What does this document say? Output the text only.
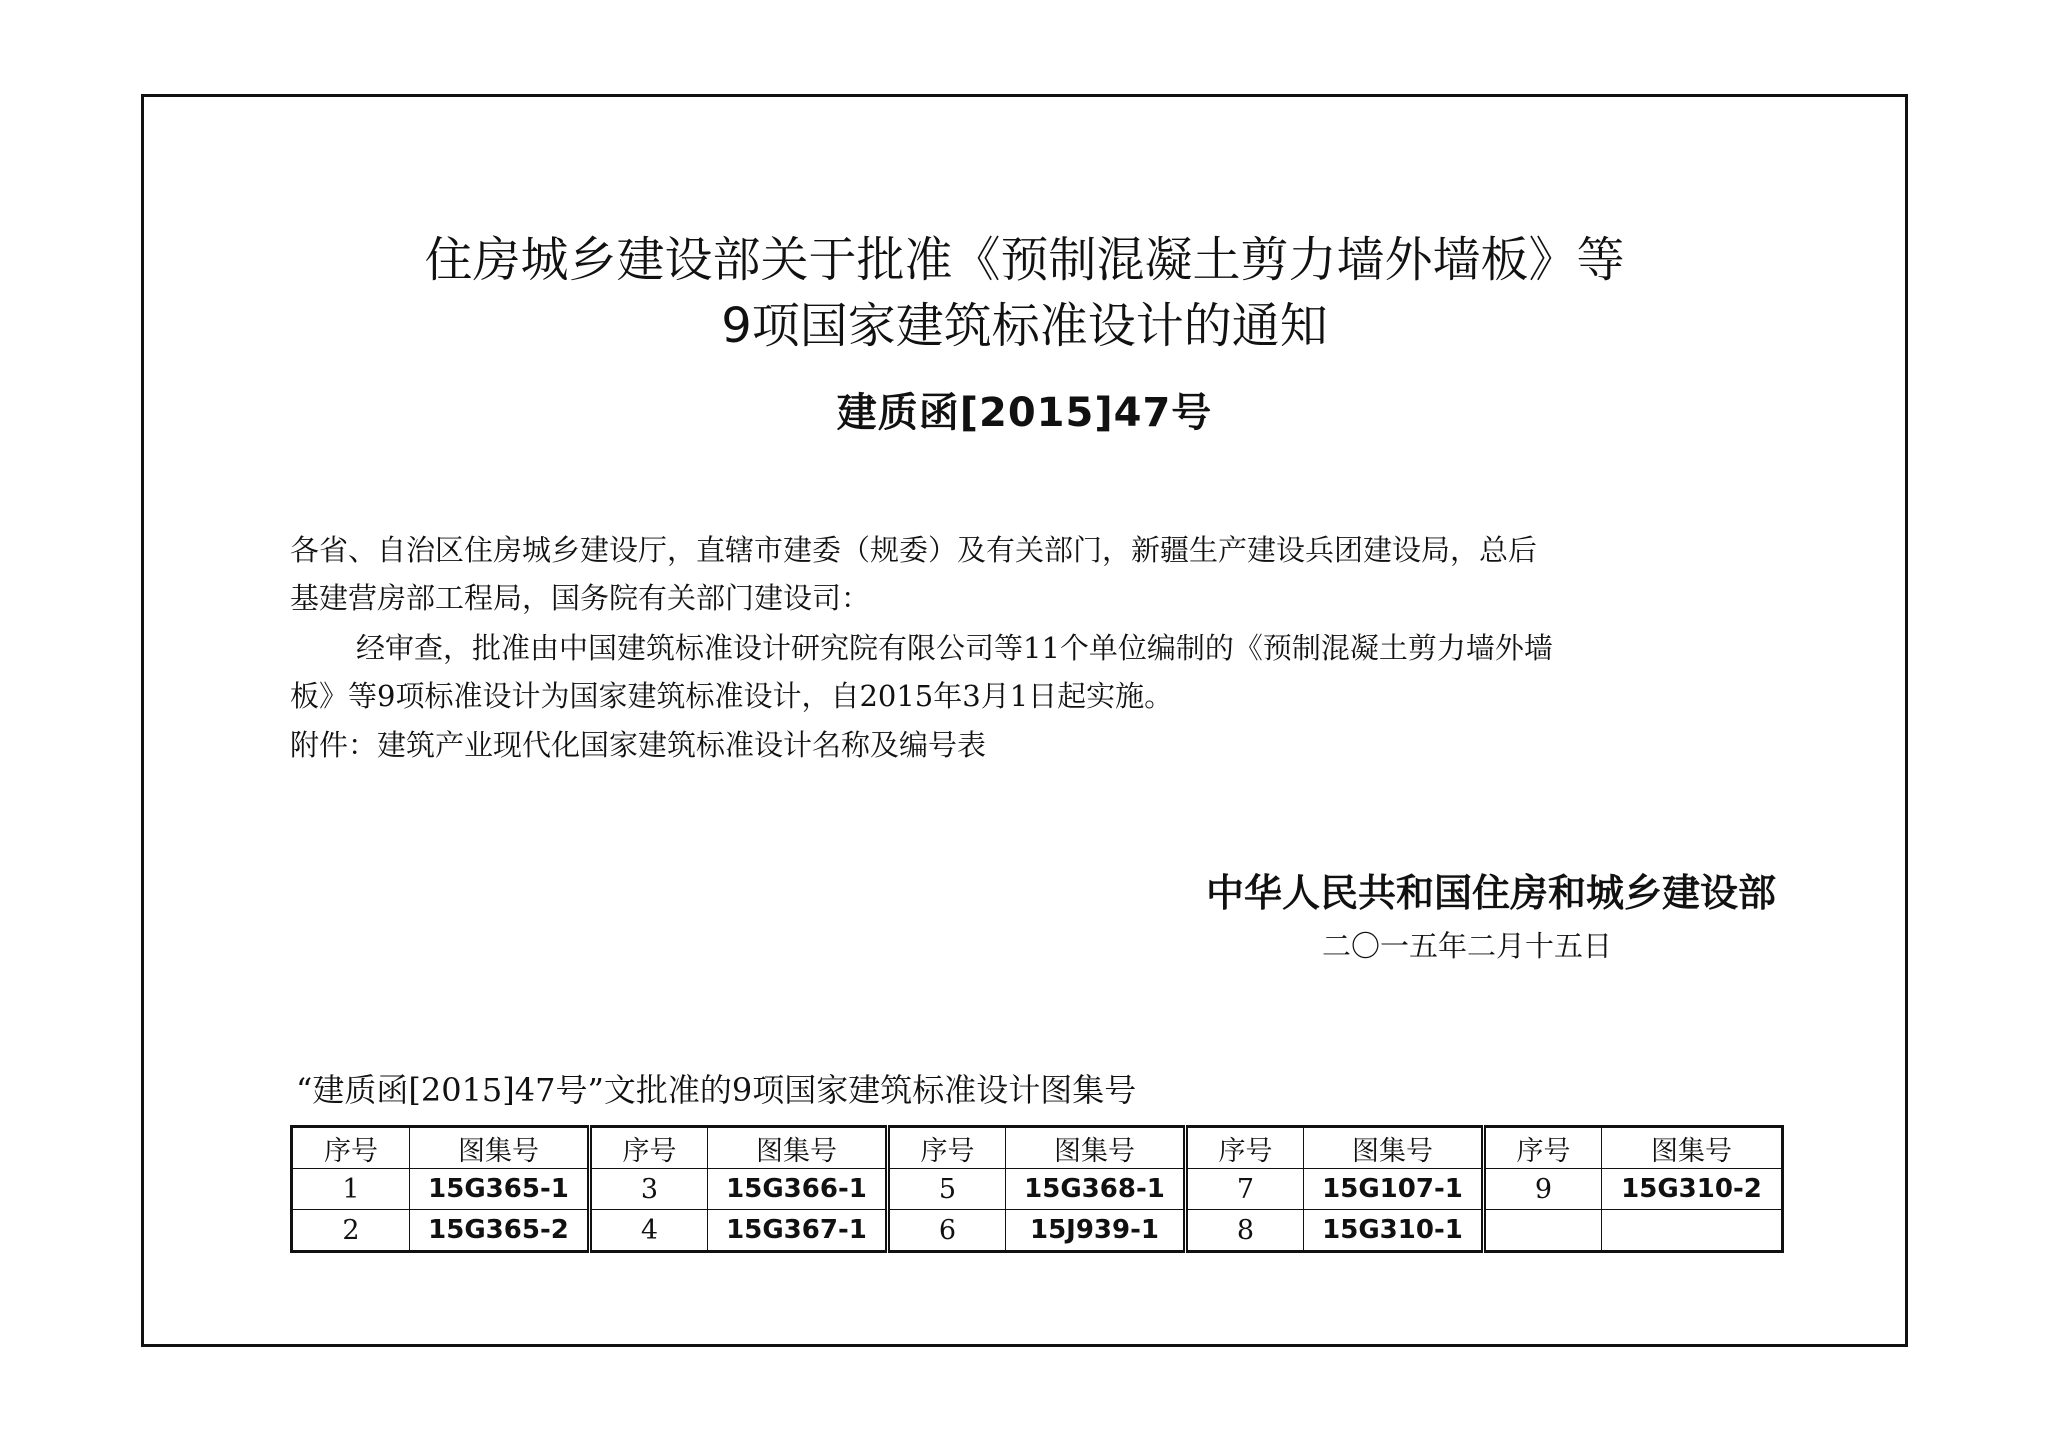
住房城乡建设部关于批准《预制混凝土剪力墙外墙板》等
9项国家建筑标准设计的通知
建质函[2015]47号
各省、自治区住房城乡建设厅，直辖市建委（规委）及有关部门，新疆生产建设兵团建设局，总后
基建营房部工程局，国务院有关部门建设司：
经审查，批准由中国建筑标准设计研究院有限公司等11个单位编制的《预制混凝土剪力墙外墙
板》等9项标准设计为国家建筑标准设计，自2015年3月1日起实施。
附件：建筑产业现代化国家建筑标准设计名称及编号表
中华人民共和国住房和城乡建设部
二〇一五年二月十五日
“建质函[2015]47号”文批准的9项国家建筑标准设计图集号
序号	图集号	序号	图集号	序号	图集号	序号	图集号	序号	图集号
1	15G365-1	3	15G366-1	5	15G368-1	7	15G107-1	9	15G310-2
2	15G365-2	4	15G367-1	6	15J939-1	8	15G310-1		
